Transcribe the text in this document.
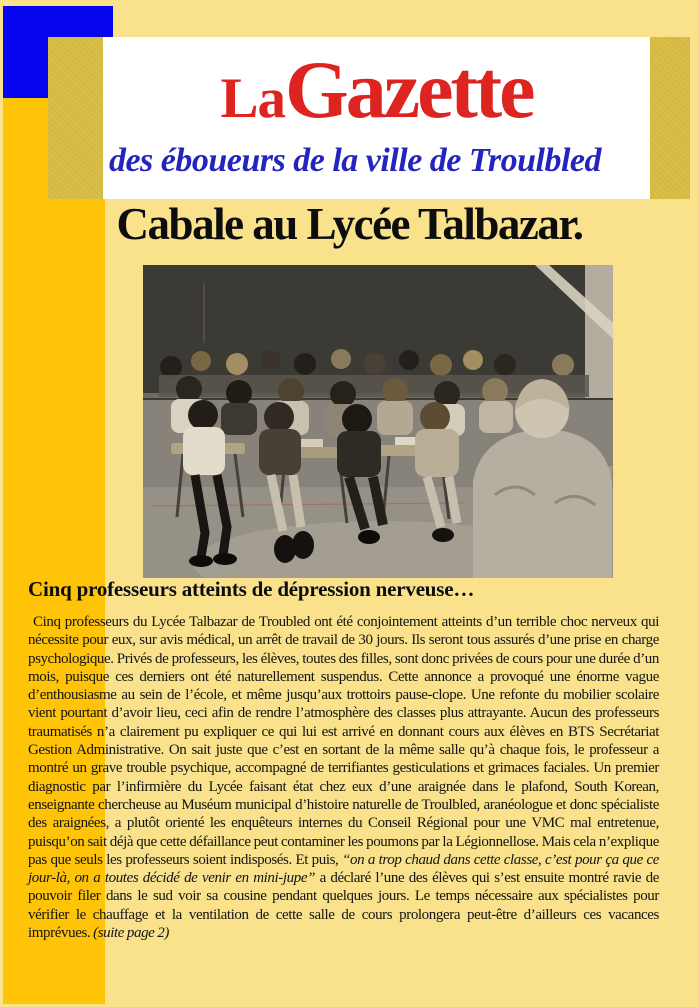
LaGazette
des éboueurs de la ville de Troulbled
Cabale au Lycée Talbazar.
Cinq professeurs atteints de dépression nerveuse…

Cinq professeurs du Lycée Talbazar de Troubled ont été conjointement atteints d’un terrible choc nerveux qui nécessite pour eux, sur avis médical, un arrêt de travail de 30 jours. Ils seront tous assurés d’une prise en charge psychologique. Privés de professeurs, les élèves, toutes des filles, sont donc privées de cours pour une durée d’un mois, puisque ces derniers ont été naturellement suspendus. Cette annonce a provoqué une énorme vague d’enthousiasme au sein de l’école, et même jusqu’aux trottoirs pause-clope. Une refonte du mobilier scolaire vient pourtant d’avoir lieu, ceci afin de rendre l’atmosphère des classes plus attrayante. Aucun des professeurs traumatisés n’a clairement pu expliquer ce qui lui est arrivé en donnant cours aux élèves en BTS Secrétariat Gestion Administrative. On sait juste que c’est en sortant de la même salle qu’à chaque fois, le professeur a montré un grave trouble psychique, accompagné de terrifiantes gesticulations et grimaces faciales. Un premier diagnostic par l’infirmière du Lycée faisant état chez eux d’une araignée dans le plafond, South Korean, enseignante chercheuse au Muséum municipal d’histoire naturelle de Troulbled, aranéologue et donc spécialiste des araignées, a plutôt orienté les enquêteurs internes du Conseil Régional pour une VMC mal entretenue, puisqu’on sait déjà que cette défaillance peut contaminer les poumons par la Légionnellose. Mais cela n’explique pas que seuls les professeurs soient indisposés. Et puis, “on a trop chaud dans cette classe, c’est pour ça que ce jour-là, on a toutes décidé de venir en mini-jupe” a déclaré l’une des élèves qui s’est ensuite montré ravie de pouvoir filer dans le sud voir sa cousine pendant quelques jours. Le temps nécessaire aux spécialistes pour vérifier le chauffage et la ventilation de cette salle de cours prolongera peut-être d’ailleurs ces vacances imprévues. (suite page 2)
